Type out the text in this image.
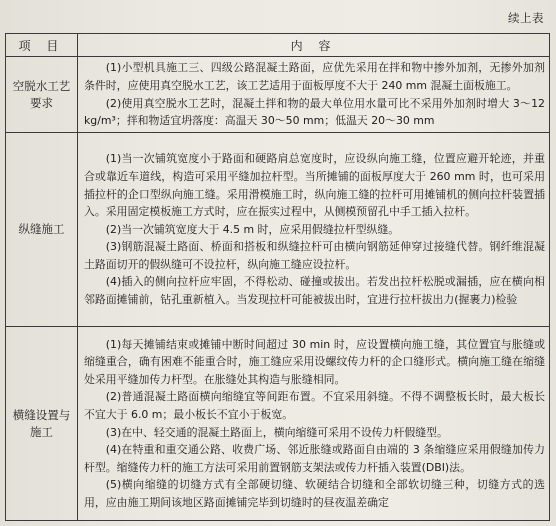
续上表
项 目	内 容
空脱水工艺要求	(1)小型机具施工三、四级公路混凝土路面，应优先采用在拌和物中掺外加剂，无掺外加剂条件时，应使用真空脱水工艺，该工艺适用于面板厚度不大于 240 mm 混凝土面板施工。

(2)使用真空脱水工艺时，混凝土拌和物的最大单位用水量可比不采用外加剂时增大 3～12 kg/m³；拌和物适宜坍落度：高温天 30～50 mm；低温天 20～30 mm

纵缝施工	(1)当一次铺筑宽度小于路面和硬路肩总宽度时，应设纵向施工缝，位置应避开轮迹，并重合或靠近车道线，构造可采用平缝加拉杆型。当所摊铺的面板厚度大于 260 mm 时，也可采用插拉杆的企口型纵向施工缝。采用滑模施工时，纵向施工缝的拉杆可用摊铺机的侧向拉杆装置插入。采用固定模板施工方式时，应在振实过程中，从侧模预留孔中手工插入拉杆。

(2)当一次铺筑宽度大于 4.5 m 时，应采用假缝拉杆型纵缝。

(3)钢筋混凝土路面、桥面和搭板和纵缝拉杆可由横向钢筋延伸穿过接缝代替。钢纤维混凝土路面切开的假纵缝可不设拉杆，纵向施工缝应设拉杆。

(4)插入的侧向拉杆应牢固，不得松动、碰撞或拔出。若发出拉杆松脱或漏插，应在横向相邻路面摊铺前，钻孔重新植入。当发现拉杆可能被拔出时，宜进行拉杆拔出力(握裹力)检验

横缝设置与施工	(1)每天摊铺结束或摊铺中断时间超过 30 min 时，应设置横向施工缝，其位置宜与胀缝或缩缝重合，确有困难不能重合时，施工缝应采用设螺纹传力杆的企口缝形式。横向施工缝在缩缝处采用平缝加传力杆型。在胀缝处其构造与胀缝相同。

(2)普通混凝土路面横向缩缝宜等间距布置。不宜采用斜缝。不得不调整板长时，最大板长不宜大于 6.0 m；最小板长不宜小于板宽。

(3)在中、轻交通的混凝土路面上，横向缩缝可采用不设传力杆假缝型。

(4)在特重和重交通公路、收费广场、邻近胀缝或路面自由端的 3 条缩缝应采用假缝加传力杆型。缩缝传力杆的施工方法可采用前置钢筋支架法或传力杆插入装置(DBI)法。

(5)横向缩缝的切缝方式有全部硬切缝、软硬结合切缝和全部软切缝三种，切缝方式的选用，应由施工期间该地区路面摊铺完毕到切缝时的昼夜温差确定
